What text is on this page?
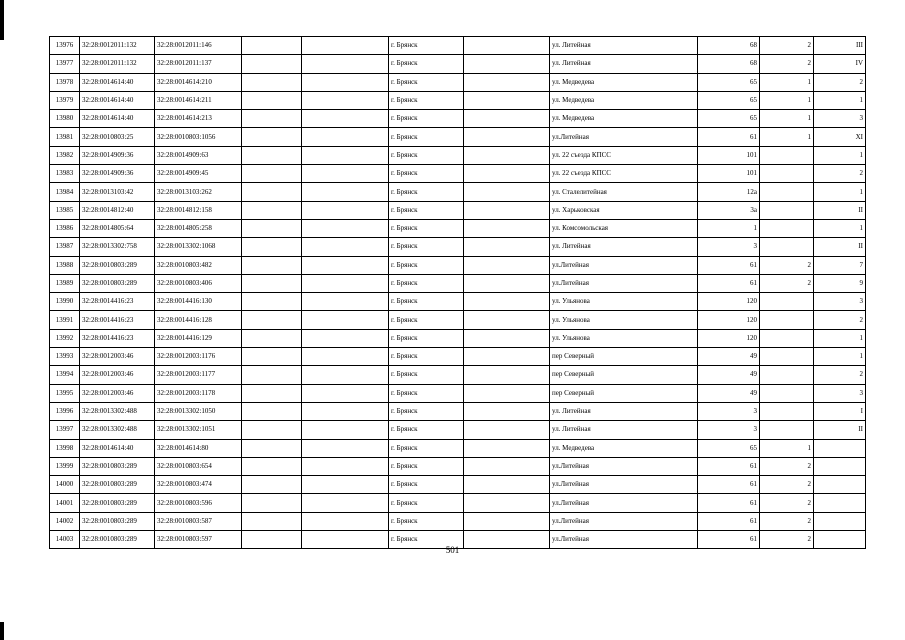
13976	32:28:0012011:132	32:28:0012011:146			г. Брянск		ул. Литейная	68	2	III
13977	32:28:0012011:132	32:28:0012011:137			г. Брянск		ул. Литейная	68	2	IV
13978	32:28:0014614:40	32:28:0014614:210			г. Брянск		ул. Медведева	65	1	2
13979	32:28:0014614:40	32:28:0014614:211			г. Брянск		ул. Медведева	65	1	1
13980	32:28:0014614:40	32:28:0014614:213			г. Брянск		ул. Медведева	65	1	3
13981	32:28:0010803:25	32:28:0010803:1056			г. Брянск		ул.Литейная	61	1	XI
13982	32:28:0014909:36	32:28:0014909:63			г. Брянск		ул. 22 съезда КПСС	101		1
13983	32:28:0014909:36	32:28:0014909:45			г. Брянск		ул. 22 съезда КПСС	101		2
13984	32:28:0013103:42	32:28:0013103:262			г. Брянск		ул. Сталелитейная	12а		1
13985	32:28:0014812:40	32:28:0014812:158			г. Брянск		ул. Харьковская	3а		II
13986	32:28:0014805:64	32:28:0014805:258			г. Брянск		ул. Комсомольская	1		1
13987	32:28:0013302:758	32:28:0013302:1068			г. Брянск		ул. Литейная	3		II
13988	32:28:0010803:289	32:28:0010803:482			г. Брянск		ул.Литейная	61	2	7
13989	32:28:0010803:289	32:28:0010803:406			г. Брянск		ул.Литейная	61	2	9
13990	32:28:0014416:23	32:28:0014416:130			г. Брянск		ул. Ульянова	120		3
13991	32:28:0014416:23	32:28:0014416:128			г. Брянск		ул. Ульянова	120		2
13992	32:28:0014416:23	32:28:0014416:129			г. Брянск		ул. Ульянова	120		1
13993	32:28:0012003:46	32:28:0012003:1176			г. Брянск		пер Северный	49		1
13994	32:28:0012003:46	32:28:0012003:1177			г. Брянск		пер Северный	49		2
13995	32:28:0012003:46	32:28:0012003:1178			г. Брянск		пер Северный	49		3
13996	32:28:0013302:488	32:28:0013302:1050			г. Брянск		ул. Литейная	3		I
13997	32:28:0013302:488	32:28:0013302:1051			г. Брянск		ул. Литейная	3		II
13998	32:28:0014614:40	32:28:0014614:80			г. Брянск		ул. Медведева	65	1	
13999	32:28:0010803:289	32:28:0010803:654			г. Брянск		ул.Литейная	61	2	
14000	32:28:0010803:289	32:28:0010803:474			г. Брянск		ул.Литейная	61	2	
14001	32:28:0010803:289	32:28:0010803:596			г. Брянск		ул.Литейная	61	2	
14002	32:28:0010803:289	32:28:0010803:587			г. Брянск		ул.Литейная	61	2	
14003	32:28:0010803:289	32:28:0010803:597			г. Брянск		ул.Литейная	61	2	
501
